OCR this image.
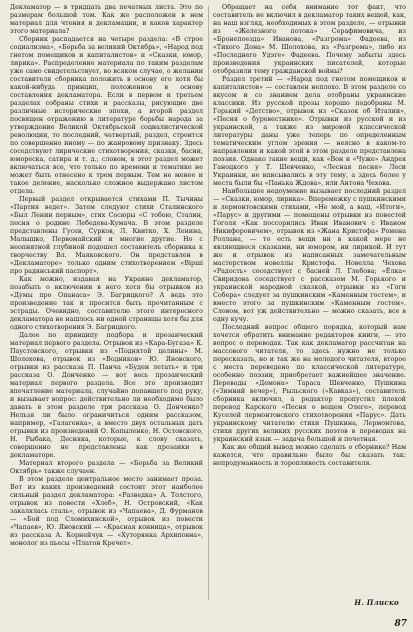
Декламатор — в тридцать два печатных листа. Это по размерам большой том. Как же расположен в нем материал для чтения и декламации, и каков характер этого материала?

Сборник распадается на четыре раздела: «В строе социализма», «Борьба за великий Октябрь», «Народ под гнетом помещиков и капиталистов» и «Сказки, юмор, лирика». Распределение материала по таким разделам уже само свидетельствует, во всяком случае, о желании составителя сборника положить в основу его хотя бы какой-нибудь принцип, положенное в основу составления декламатора. Если в первом и третьем разделах собраны стихи и рассказы, рисующие две различные исторические эпохи, а второй раздел посвящен отражению в литературе борьбы народа за утверждение Великой Октябрьской социалистической революции, то последний, четвертый, раздел, строится по совершенно иному — по жанровому признаку. Здесь соседствуют лирические стихотворения, сказки, басни, юмореска, сатира и т. д.; словом, в этот раздел может включаться все, что только по времени и тематике не может быть отнесено к трем первым. Тем не менее и такое деление, насколько сложное выдержано листом отдела.

Первый раздел открывается стихами П. Тычины «Партия ведет». Затем следуют стихи Сталинского «Был Ленин первым», стих Сосюры «С тобою, Сталин, песня о родине Лебедева-Кумача. В этом разделе представлены Гусев, Сурков, Л. Квитко, Х. Ленина, Малышко, Первомайский и многие другие. Но с неопнятной глубиной подошел составитель сборника к творчеству Вл. Маяковского. Он представлен в «Декламаторе» только одним стихотворением «Вірші про радянський паспорт».

Как можно, издавая на Украине декламатор, позабыть о включении в него хотя бы отрывков из «Думы про Опанаса» Э. Багрицкого? А ведь это произведение так и просится быть прочитанным с эстрады. Очевидно, составителю этого интересного декламатора не нашлось ни одной страницы хотя бы для одного стихотворения Э. Багрицкого.

Далее по принципу подбора и прозаический материал первого раздела. Отрывок из «Кара-Бугаза» К. Паустовского, отрывки из «Поднятой целины» М. Шолохова, отрывок из «Водников» Ю. Яновского, отрывки из рассказа П. Панча «Буден летать» и три рассказа О. Донченко — вот весь прозаический материал первого раздела. Все это производит впечатление материала, случайно попавшего под руку, и вызывает вопрос: действительно ли необходимо было давать в этом разделе три рассказа О. Донченко? Нельзя ли было ограничиться одним рассказом, например, «Галагенка», а вместо двух остальных дать отрывки из произведений О. Копыленко, Н. Остовского, Н. Рыбака, Десняка, которые, к слову сказать, совершенно не представлены как прозаики в декламаторе.

Материал второго раздела — «Борьба за Великий Октябрь» также случаен.

В этом разделе центральное место занимает проза. Вот из каких произведений состоит этот наиболее сильный раздел декламатора: «Разведка» А. Толстого, отрывок из повести «Хлеб», Н. Островский, «Как закалялась сталь», отрывок из «Чапаева», Д. Фурманов — «Бой под Сломихинской», отрывок из повести «Чапаев», Ю. Яновский — «Красная конница», отрывок из рассказа А. Корнейчук — «Хуторянка Архиповна», монолог из пьесы «Платон Кречет».

Обращает на себя внимание тот факт, что составитель не включил в декламатор таких вещей, как, на наш взгляд, необходимых в этом разделе, — отрывки из «Железного потока» Серафимовича, из «Бронепоезда» Иванова, «Разгрома» Фадеева, из «Тихого Дона» М. Шолохова, из «Разгрома», либо из «Последнего Удэге» Фадеева. Почему забыты здесь произведения украинских писателей, которые отобразили тему гражданской войны?

Раздел третий — «Народ под гнетом помещиков и капиталистов» — составлен неплохо. В этом разделе со вкусом и со знанием дела отобраны украинские классики. Из русской прозы хорошо подобраны М. Горький «Детство», отрывок из «Сказок об Италии», «Песня о буревестнике». Отрывки из русской и из украинской, а также из мировой классической литературы даны уже теперь по определенным тематическим углом зрения — неясно в каком-то направлении и какой этой в этом разделе представлена поэзия. Однако такие вещи, как «Вон и «Чуже» Андрея Ганоцкого у Т. Шевченко, «Лесная песня» Леси Украинки, не вписывались в эту тему, а здесь более у места были бы «Панька Ждова», или Антона Чехова.

Наибольшее недоумение вызывает последний раздел — «Сказки, юмор, лирика». Вперемежку с пушкинскими и лермонтовскими стихами, «Не мой, а ваш, «Итоги», «Парус» и другими — помещены отрывки из повестей Гоголя «Как поссорились Иван Иванович с Иваном Никифоровичем», отрывок из «Жана Кристофа» Ромена Роллана, — то есть вещи ни в какой мере не являющиеся сказками, ни юмором, ни лирикой. И тут же и отрывок из написанных замечательным мастерством новеллы Кристофа. Новелла Чехова «Радость» соседствует с басней Л. Глебова; «Ёлка» Свиридова соседствует с рассказом М. Горького и украинской народной сказкой, отрывки из «Гоги Собера» следует за пушкинским «Каменным гостем», и вместо этого за пушкинским «Каменным гостем». Словом, вот уж действительно — можно сказать, все в одну кучу.

Последний вопрос общего порядка, который нам хочется обратить внимание редакторов книги, — это вопрос о переводах. Так как декламатор рассчитан на массового читателя, то здесь нужно не только пересказать, но и так же на молодого читателя, второе с места переведено по классической литературе, особенно поэзии, приобретает важнейшее значение. Переводы «Демона» Тараса Шевченко, Пушкина («Зимний вечер»), Рыльского («Кавказ»), составитель сборника включил, а редактор пропустил плохой перевод Карского «Песня о вещем Олеге», перевод Куселей лермонтовского стихотворения «Парус». Дать украинскому читателю стихи Пушкина, Лермонтова, стихи других великих русских поэтов в переводах на украинский язык — задача большой и почетная.

Как же общий вывод можно сделать о сборнике? Нам кажется, что правильно было бы сказать так: непродуманность и торопливость составителя.

Н. Плиско
87
